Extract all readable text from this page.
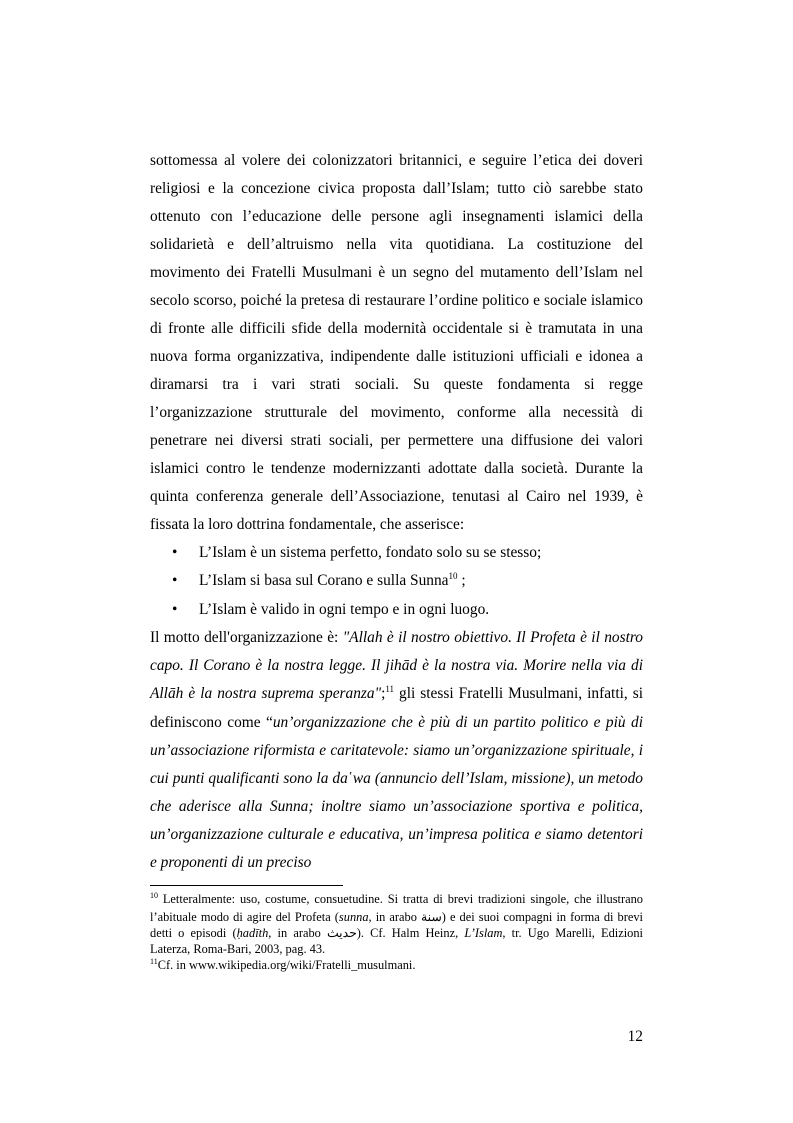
sottomessa al volere dei colonizzatori britannici, e seguire l’etica dei doveri religiosi e la concezione civica proposta dall’Islam; tutto ciò sarebbe stato ottenuto con l’educazione delle persone agli insegnamenti islamici della solidarietà e dell’altruismo nella vita quotidiana. La costituzione del movimento dei Fratelli Musulmani è un segno del mutamento dell’Islam nel secolo scorso, poiché la pretesa di restaurare l’ordine politico e sociale islamico di fronte alle difficili sfide della modernità occidentale si è tramutata in una nuova forma organizzativa, indipendente dalle istituzioni ufficiali e idonea a diramarsi tra i vari strati sociali. Su queste fondamenta si regge l’organizzazione strutturale del movimento, conforme alla necessità di penetrare nei diversi strati sociali, per permettere una diffusione dei valori islamici contro le tendenze modernizzanti adottate dalla società. Durante la quinta conferenza generale dell’Associazione, tenutasi al Cairo nel 1939, è fissata la loro dottrina fondamentale, che asserisce:

• L’Islam è un sistema perfetto, fondato solo su se stesso;
• L’Islam si basa sul Corano e sulla Sunna$^{10}$ ;
• L’Islam è valido in ogni tempo e in ogni luogo.

Il motto dell'organizzazione è: "Allah è il nostro obiettivo. Il Profeta è il nostro capo. Il Corano è la nostra legge. Il jihād è la nostra via. Morire nella via di Allāh è la nostra suprema speranza";$^{11}$ gli stessi Fratelli Musulmani, infatti, si definiscono come “un’organizzazione che è più di un partito politico e più di un’associazione riformista e caritatevole: siamo un’organizzazione spirituale, i cui punti qualificanti sono la da῾wa (annuncio dell’Islam, missione), un metodo che aderisce alla Sunna; inoltre siamo un’associazione sportiva e politica, un’organizzazione culturale e educativa, un’impresa politica e siamo detentori e proponenti di un preciso

$^{10}$ Letteralmente: uso, costume, consuetudine. Si tratta di brevi tradizioni singole, che illustrano l’abituale modo di agire del Profeta (sunna, in arabo سنة) e dei suoi compagni in forma di brevi detti o episodi (ḥadīth, in arabo حديث). Cf. Halm Heinz, L’Islam, tr. Ugo Marelli, Edizioni Laterza, Roma-Bari, 2003, pag. 43.

$^{11}$Cf. in www.wikipedia.org/wiki/Fratelli_musulmani.

12
